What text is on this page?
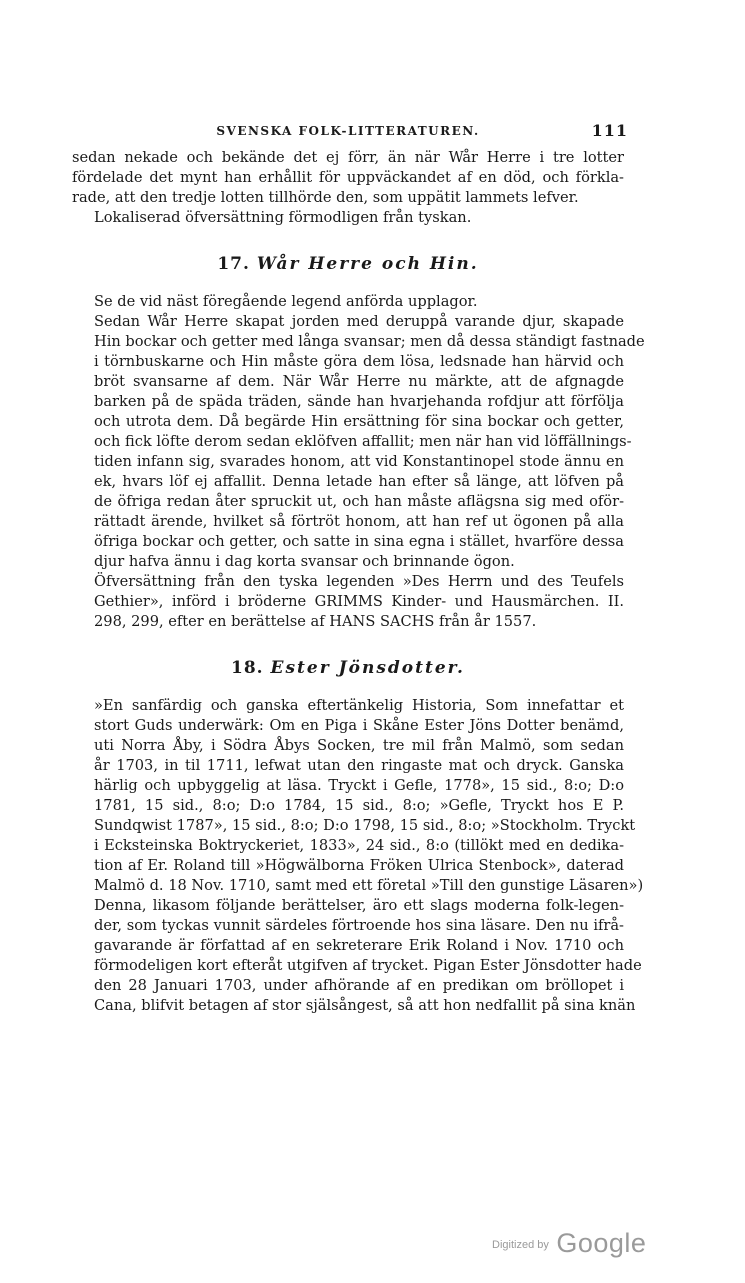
SVENSKA FOLK-LITTERATUREN.	111

sedan nekade och bekände det ej förr, än när Wår Herre i tre lotter
fördelade det mynt han erhållit för uppväckandet af en död, och förkla-
rade, att den tredje lotten tillhörde den, som uppätit lammets lefver.

Lokaliserad öfversättning förmodligen från tyskan.

17. Wår Herre och Hin.

Se de vid näst föregående legend anförda upplagor.

Sedan Wår Herre skapat jorden med deruppå varande djur, skapade
Hin bockar och getter med långa svansar; men då dessa ständigt fastnade
i törnbuskarne och Hin måste göra dem lösa, ledsnade han härvid och
bröt svansarne af dem. När Wår Herre nu märkte, att de afgnagde
barken på de späda träden, sände han hvarjehanda rofdjur att förfölja
och utrota dem. Då begärde Hin ersättning för sina bockar och getter,
och fick löfte derom sedan eklöfven affallit; men när han vid löffällnings-
tiden infann sig, svarades honom, att vid Konstantinopel stode ännu en
ek, hvars löf ej affallit. Denna letade han efter så länge, att löfven på
de öfriga redan åter spruckit ut, och han måste aflägsna sig med oför-
rättadt ärende, hvilket så förtröt honom, att han ref ut ögonen på alla
öfriga bockar och getter, och satte in sina egna i stället, hvarföre dessa
djur hafva ännu i dag korta svansar och brinnande ögon.

Öfversättning från den tyska legenden »Des Herrn und des Teufels
Gethier», införd i bröderne GRIMMS Kinder- und Hausmärchen. II.
298, 299, efter en berättelse af HANS SACHS från år 1557.

18. Ester Jönsdotter.

»En sanfärdig och ganska eftertänkelig Historia, Som innefattar et
stort Guds underwärk: Om en Piga i Skåne Ester Jöns Dotter benämd,
uti Norra Åby, i Södra Åbys Socken, tre mil från Malmö, som sedan
år 1703, in til 1711, lefwat utan den ringaste mat och dryck. Ganska
härlig och upbyggelig at läsa. Tryckt i Gefle, 1778», 15 sid., 8:o; D:o
1781, 15 sid., 8:o; D:o 1784, 15 sid., 8:o; »Gefle, Tryckt hos E P.
Sundqwist 1787», 15 sid., 8:o; D:o 1798, 15 sid., 8:o; »Stockholm. Tryckt
i Ecksteinska Boktryckeriet, 1833», 24 sid., 8:o (tillökt med en dedika-
tion af Er. Roland till »Högwälborna Fröken Ulrica Stenbock», daterad
Malmö d. 18 Nov. 1710, samt med ett företal »Till den gunstige Läsaren»)

Denna, likasom följande berättelser, äro ett slags moderna folk-legen-
der, som tyckas vunnit särdeles förtroende hos sina läsare. Den nu ifrå-
gavarande är författad af en sekreterare Erik Roland i Nov. 1710 och
förmodeligen kort efteråt utgifven af trycket. Pigan Ester Jönsdotter hade
den 28 Januari 1703, under afhörande af en predikan om bröllopet i
Cana, blifvit betagen af stor själsångest, så att hon nedfallit på sina knän

$^{Digitized by}$ Google
